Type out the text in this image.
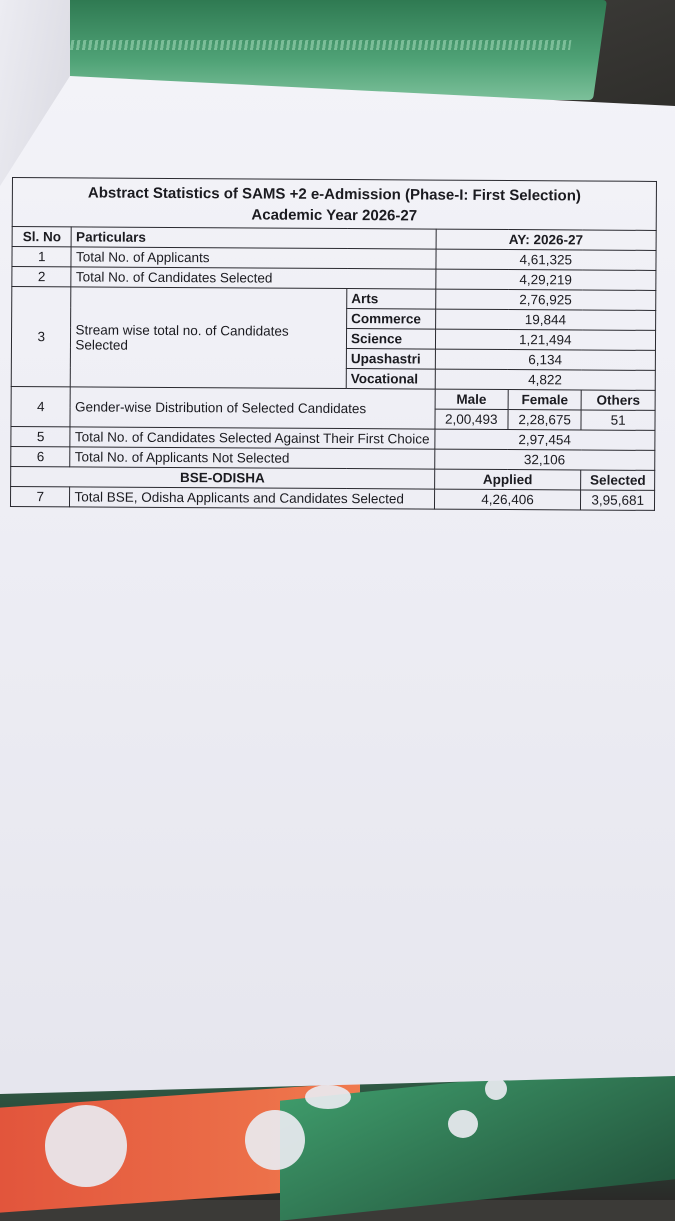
Abstract Statistics of SAMS +2 e-Admission (Phase-I: First Selection)
Academic Year 2026-27					
Sl. No	Particulars		AY: 2026-27		
1	Total No. of Applicants		4,61,325		
2	Total No. of Candidates Selected		4,29,219		
3	Stream wise total no. of Candidates Selected	Arts	2,76,925		
		Commerce	19,844		
		Science	1,21,494		
		Upashastri	6,134		
		Vocational	4,822		
4	Gender-wise Distribution of Selected Candidates		Male	Female	Others
			2,00,493	2,28,675	51
5	Total No. of Candidates Selected Against Their First Choice		2,97,454		
6	Total No. of Applicants Not Selected		32,106		
BSE-ODISHA			Applied		Selected
7	Total BSE, Odisha Applicants and Candidates Selected		4,26,406		3,95,681
